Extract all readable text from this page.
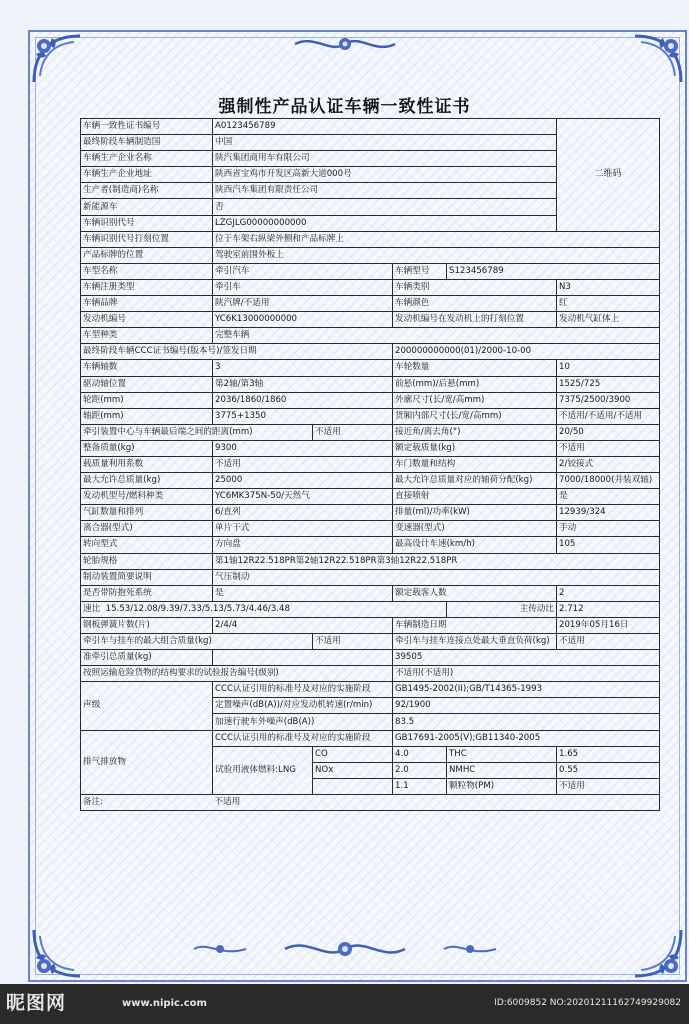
强制性产品认证车辆一致性证书
车辆一致性证书编号	A0123456789				二维码
最终阶段车辆制造国	中国				
车辆生产企业名称	陕汽集团商用车有限公司				
车辆生产企业地址	陕西省宝鸡市开发区高新大道000号				
生产者(制造商)名称	陕西汽车集团有限责任公司				
新能源车	否				
车辆识别代号	LZGJLG00000000000				
车辆识别代号打刻位置	位于车架右纵梁外侧和产品标牌上				
产品标牌的位置	驾驶室前围外板上				
车型名称	牵引汽车		车辆型号	S123456789	
车辆注册类型	牵引车		车辆类别		N3
车辆品牌	陕汽牌/不适用		车辆颜色		红
发动机编号	YC6K13000000000		发动机编号在发动机上的打刻位置		发动机气缸体上
车型种类	完整车辆				
最终阶段车辆CCC证书编号(版本号)/签发日期			200000000000(01)/2000-10-00		
车辆轴数	3		车轮数量		10
驱动轴位置	第2轴/第3轴		前悬(mm)/后悬(mm)		1525/725
轮距(mm)	2036/1860/1860		外廓尺寸(长/宽/高mm)		7375/2500/3900
轴距(mm)	3775+1350		货厢内部尺寸(长/宽/高mm)		不适用/不适用/不适用
牵引装置中心与车辆最后端之间的距离(mm)		不适用	接近角/离去角(°)		20/50
整备质量(kg)	9300		额定载质量(kg)		不适用
载质量利用系数	不适用		车门数量和结构		2/铰接式
最大允许总质量(kg)	25000		最大允许总质量对应的轴荷分配(kg)		7000/18000(并装双轴)
发动机型号/燃料种类	YC6MK375N-50/天然气		直接喷射		是
气缸数量和排列	6/直列		排量(ml)/功率(kW)		12939/324
离合器(型式)	单片干式		变速器(型式)		手动
转向型式	方向盘		最高设计车速(km/h)		105
轮胎规格	第1轴12R22.518PR第2轴12R22.518PR第3轴12R22.518PR				
制动装置简要说明	气压制动				
是否带防抱死系统	是		额定载客人数		2
速比 15.53/12.08/9.39/7.33/5.13/5.73/4.46/3.48				主传动比	2.712
钢板弹簧片数(片)	2/4/4		车辆制造日期		2019年05月16日
牵引车与挂车的最大组合质量(kg)		不适用	牵引车与挂车连接点处最大垂直负荷(kg)		不适用
准牵引总质量(kg)			39505		
按照运输危险货物的结构要求的试验报告编号(级别)			不适用(不适用)		
声级	CCC认证引用的标准号及对应的实施阶段		GB1495-2002(II);GB/T14365-1993		
	定置噪声(dB(A))/对应发动机转速(r/min)		92/1900		
	加速行驶车外噪声(dB(A))		83.5		
排气排放物	CCC认证引用的标准号及对应的实施阶段		GB17691-2005(V);GB11340-2005		
	试验用液体燃料:LNG	CO	4.0	THC	1.65
		NOx	2.0	NMHC	0.55
			1.1	颗粒物(PM)	不适用
备注:	不适用				
昵图网	www.nipic.com	ID:6009852 NO:20201211162749929082
